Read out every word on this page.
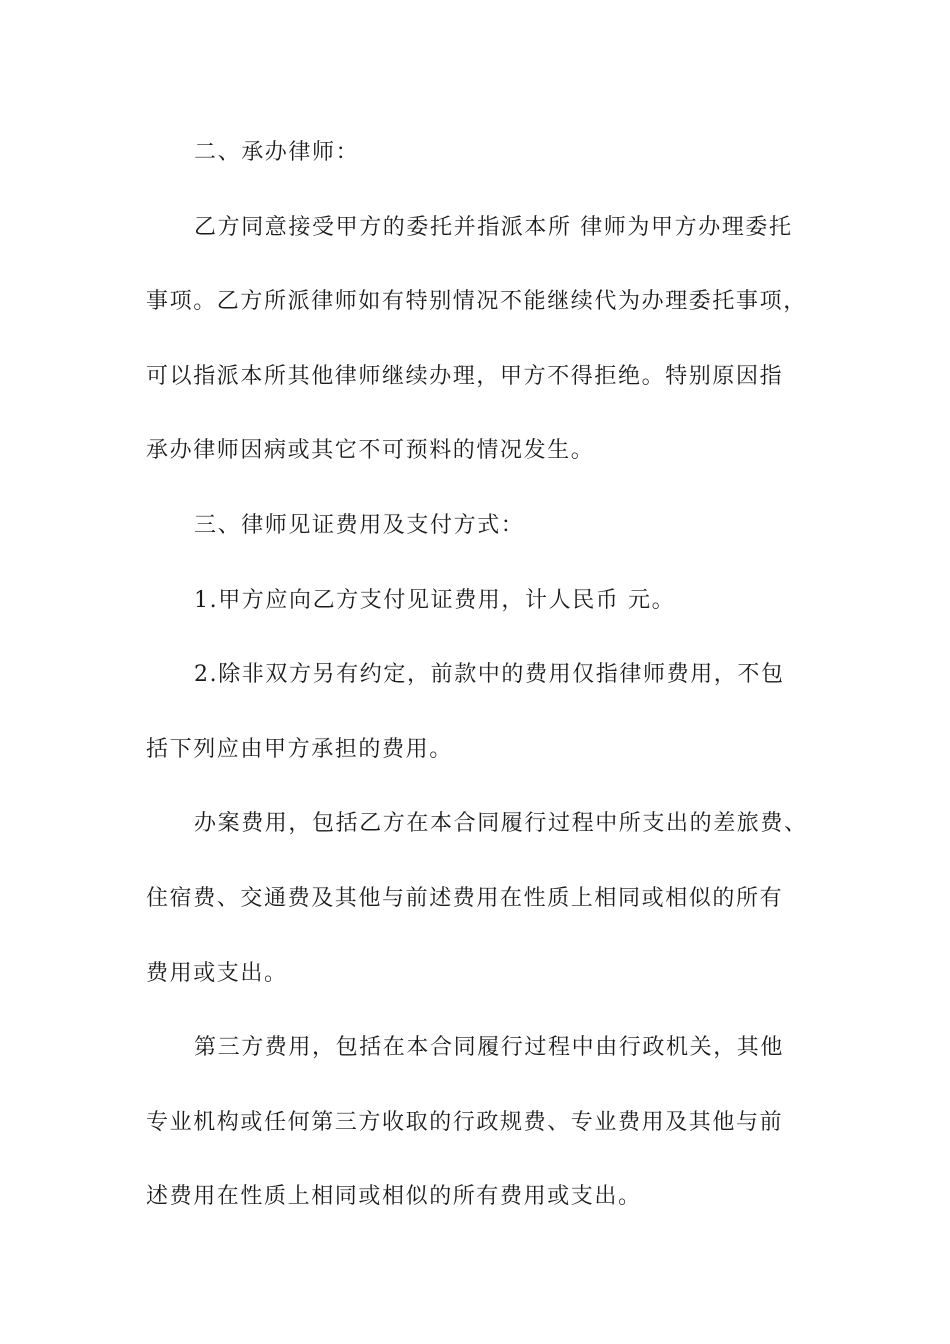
二、承办律师：

乙方同意接受甲方的委托并指派本所 律师为甲方办理委托

事项。乙方所派律师如有特别情况不能继续代为办理委托事项，

可以指派本所其他律师继续办理，甲方不得拒绝。特别原因指

承办律师因病或其它不可预料的情况发生。

三、律师见证费用及支付方式：

1.甲方应向乙方支付见证费用，计人民币 元。

2.除非双方另有约定，前款中的费用仅指律师费用，不包

括下列应由甲方承担的费用。

办案费用，包括乙方在本合同履行过程中所支出的差旅费、

住宿费、交通费及其他与前述费用在性质上相同或相似的所有

费用或支出。

第三方费用，包括在本合同履行过程中由行政机关，其他

专业机构或任何第三方收取的行政规费、专业费用及其他与前

述费用在性质上相同或相似的所有费用或支出。
